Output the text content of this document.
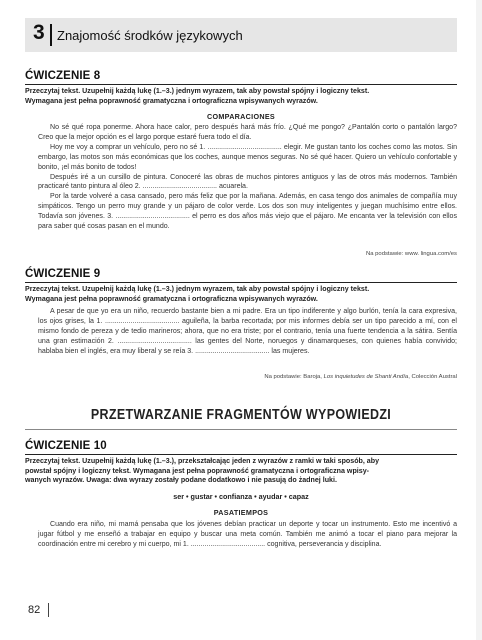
3 Znajomość środków językowych
ĆWICZENIE 8
Przeczytaj tekst. Uzupełnij każdą lukę (1.–3.) jednym wyrazem, tak aby powstał spójny i logiczny tekst.
Wymagana jest pełna poprawność gramatyczna i ortograficzna wpisywanych wyrazów.
COMPARACIONES

No sé qué ropa ponerme. Ahora hace calor, pero después hará más frío. ¿Qué me pongo? ¿Pantalón corto o pantalón largo? Creo que la mejor opción es el largo porque estaré fuera todo el día.

Hoy me voy a comprar un vehículo, pero no sé 1. ...................................... elegir. Me gustan tanto los coches como las motos. Sin embargo, las motos son más económicas que los coches, aunque menos seguras. No sé qué hacer. Quiero un vehículo confortable y bonito, ¡el más bonito de todos!

Después iré a un cursillo de pintura. Conoceré las obras de muchos pintores antiguos y las de otros más modernos. También practicaré tanto pintura al óleo 2. ...................................... acuarela.

Por la tarde volveré a casa cansado, pero más feliz que por la mañana. Además, en casa tengo dos animales de compañía muy simpáticos. Tengo un perro muy grande y un pájaro de color verde. Los dos son muy inteligentes y juegan muchísimo entre ellos. Todavía son jóvenes. 3. ...................................... el perro es dos años más viejo que el pájaro. Me encanta ver la televisión con ellos para saber qué cosas pasan en el mundo.

Na podstawie: www. lingua.com/es
ĆWICZENIE 9
Przeczytaj tekst. Uzupełnij każdą lukę (1.–3.) jednym wyrazem, tak aby powstał spójny i logiczny tekst.
Wymagana jest pełna poprawność gramatyczna i ortograficzna wpisywanych wyrazów.

A pesar de que yo era un niño, recuerdo bastante bien a mi padre. Era un tipo indiferente y algo burlón, tenía la cara expresiva, los ojos grises, la 1. ...................................... aguileña, la barba recortada; por mis informes debía ser un tipo parecido a mí, con el mismo fondo de pereza y de tedio marineros; ahora, que no era triste; por el contrario, tenía una fuerte tendencia a la sátira. Sentía una gran estimación 2. ...................................... las gentes del Norte, noruegos y dinamarqueses, con quienes había convivido; hablaba bien el inglés, era muy liberal y se reía 3. ...................................... las mujeres.

Na podstawie: Baroja, Los inquietudes de Shanti Andía, Colección Austral
PRZETWARZANIE FRAGMENTÓW WYPOWIEDZI
ĆWICZENIE 10
Przeczytaj tekst. Uzupełnij każdą lukę (1.–3.), przekształcając jeden z wyrazów z ramki w taki sposób, aby
powstał spójny i logiczny tekst. Wymagana jest pełna poprawność gramatyczna i ortograficzna wpisy-
wanych wyrazów. Uwaga: dwa wyrazy zostały podane dodatkowo i nie pasują do żadnej luki.
ser • gustar • confianza • ayudar • capaz
PASATIEMPOS

Cuando era niño, mi mamá pensaba que los jóvenes debían practicar un deporte y tocar un instrumento. Esto me incentivó a jugar fútbol y me enseñó a trabajar en equipo y buscar una meta común. También me animó a tocar el piano para mejorar la coordinación entre mi cerebro y mi cuerpo, mi 1. ...................................... cognitiva, perseverancia y disciplina.

82
